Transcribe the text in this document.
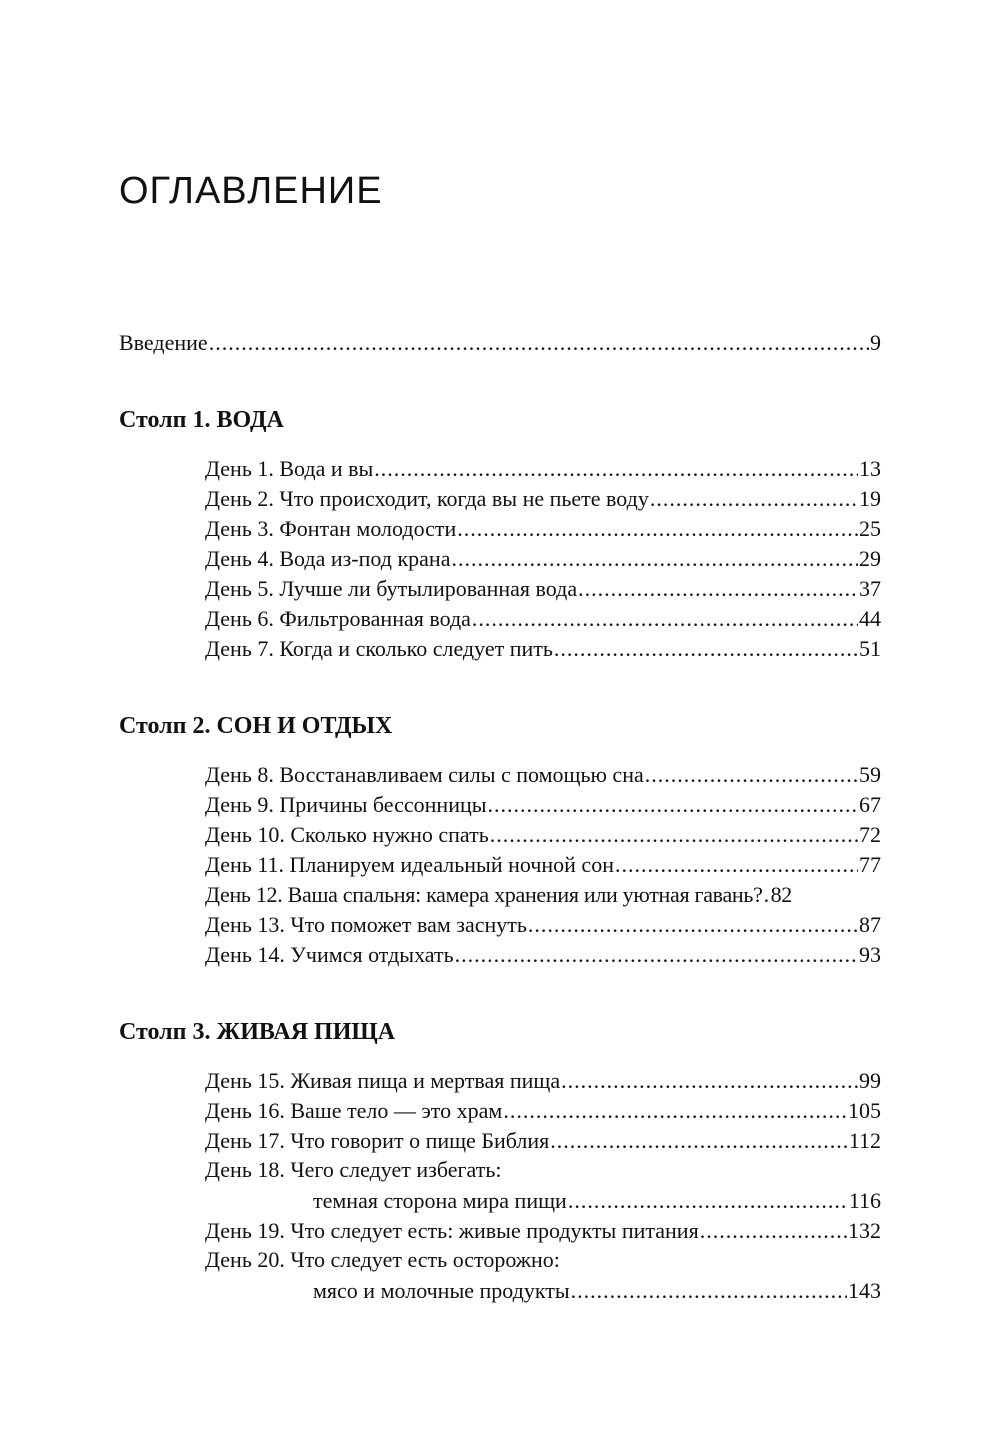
ОГЛАВЛЕНИЕ
Введение .....	9
Столп 1. ВОДА
День 1. Вода и вы .....	13
День 2. Что происходит, когда вы не пьете воду .....	19
День 3. Фонтан молодости .....	25
День 4. Вода из-под крана .....	29
День 5. Лучше ли бутылированная вода .....	37
День 6. Фильтрованная вода .....	44
День 7. Когда и сколько следует пить .....	51
Столп 2. СОН И ОТДЫХ
День 8. Восстанавливаем силы с помощью сна .....	59
День 9. Причины бессонницы .....	67
День 10. Сколько нужно спать .....	72
День 11. Планируем идеальный ночной сон .....	77
День 12. Ваша спальня: камера хранения или уютная гавань? ..... 82
День 13. Что поможет вам заснуть .....	87
День 14. Учимся отдыхать .....	93
Столп 3. ЖИВАЯ ПИЩА
День 15. Живая пища и мертвая пища .....	99
День 16. Ваше тело — это храм .....	105
День 17. Что говорит о пище Библия .....	112
День 18. Чего следует избегать:
темная сторона мира пищи .....	116
День 19. Что следует есть: живые продукты питания .....	132
День 20. Что следует есть осторожно:
мясо и молочные продукты .....	143
